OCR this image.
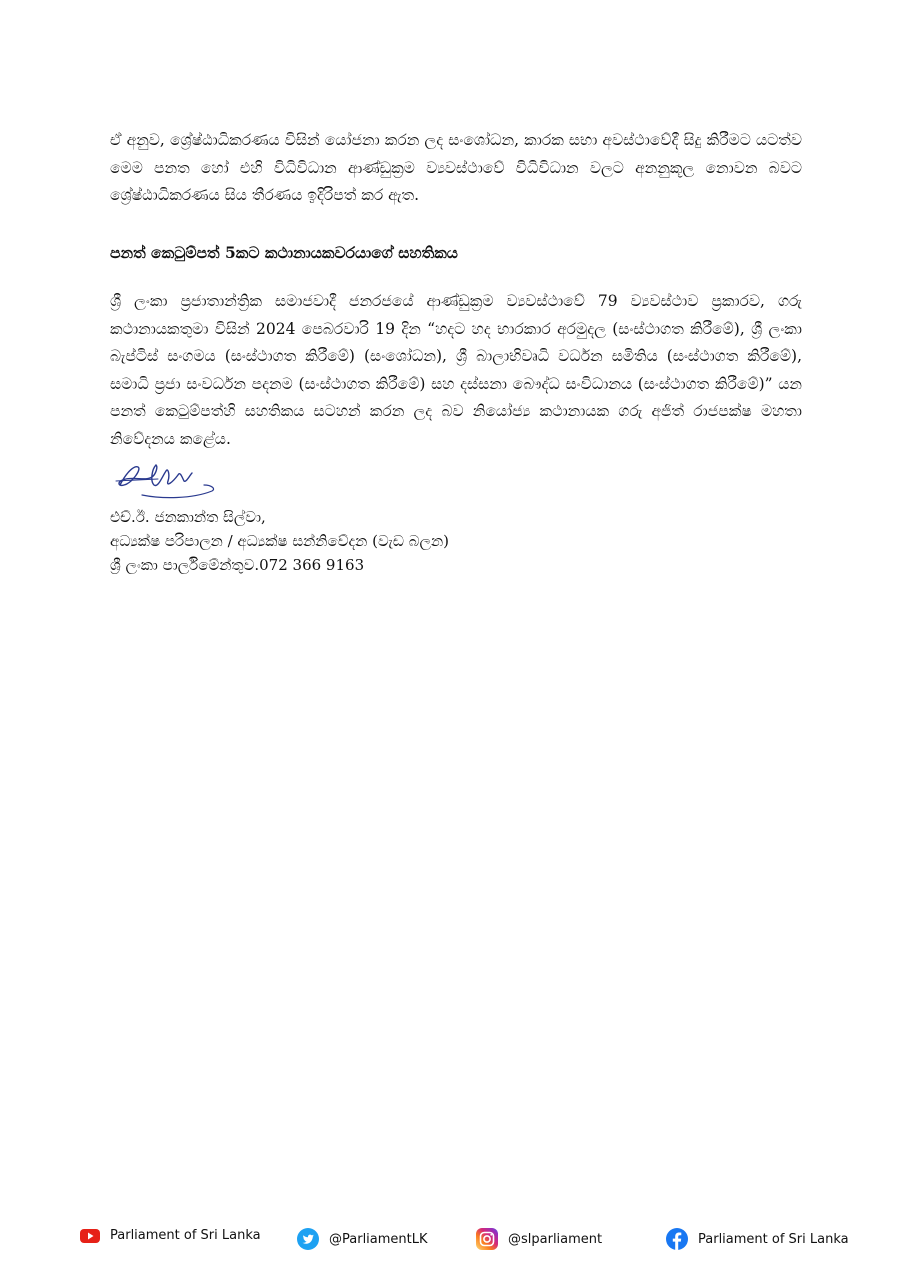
ඒ අනුව, ශ්‍රේෂ්ඨාධිකරණය විසින් යෝජනා කරන ලද සංශෝධන, කාරක සභා අවස්ථාවේදී සිදු කිරීමට යටත්ව මෙම පනත හෝ එහි විධිවිධාන ආණ්ඩුක්‍රම ව්‍යවස්ථාවේ විධිවිධාන වලට අනනුකූල නොවන බවට ශ්‍රේෂ්ඨාධිකරණය සිය තීරණය ඉදිරිපත් කර ඇත.

පනත් කෙටුම්පත් 5කට කථානායකවරයාගේ සහතිකය

ශ්‍රී ලංකා ප්‍රජාතාන්ත්‍රික සමාජවාදී ජනරජයේ ආණ්ඩුක්‍රම ව්‍යවස්ථාවේ 79 ව්‍යවස්ථාව ප්‍රකාරව, ගරු කථානායකතුමා විසින් 2024 පෙබරවාරි 19 දින “හදට හද භාරකාර අරමුදල (සංස්ථාගත කිරීමේ), ශ්‍රී ලංකා බැප්ටිස් සංගමය (සංස්ථාගත කිරීමේ) (සංශෝධන), ශ්‍රී බාලාභිවෘධි වර්ධන සමිතිය (සංස්ථාගත කිරීමේ), සමාධි ප්‍රජා සංවර්ධන පදනම (සංස්ථාගත කිරීමේ) සහ දස්සනා බෞද්ධ සංවිධානය (සංස්ථාගත කිරීමේ)” යන පනත් කෙටුම්පත්හි සහතිකය සටහන් කරන ලද බව නියෝජ්‍ය කථානායක ගරු අජිත් රාජපක්ෂ මහතා නිවේදනය කළේය.

එච්.ඊ. ජනකාන්ත සිල්වා,
අධ්‍යක්ෂ පරිපාලන / අධ්‍යක්ෂ සන්නිවේදන (වැඩ බලන)
ශ්‍රී ලංකා පාර්ලිමේන්තුව.072 366 9163
Parliament of Sri Lanka	@ParliamentLK	@slparliament	Parliament of Sri Lanka
